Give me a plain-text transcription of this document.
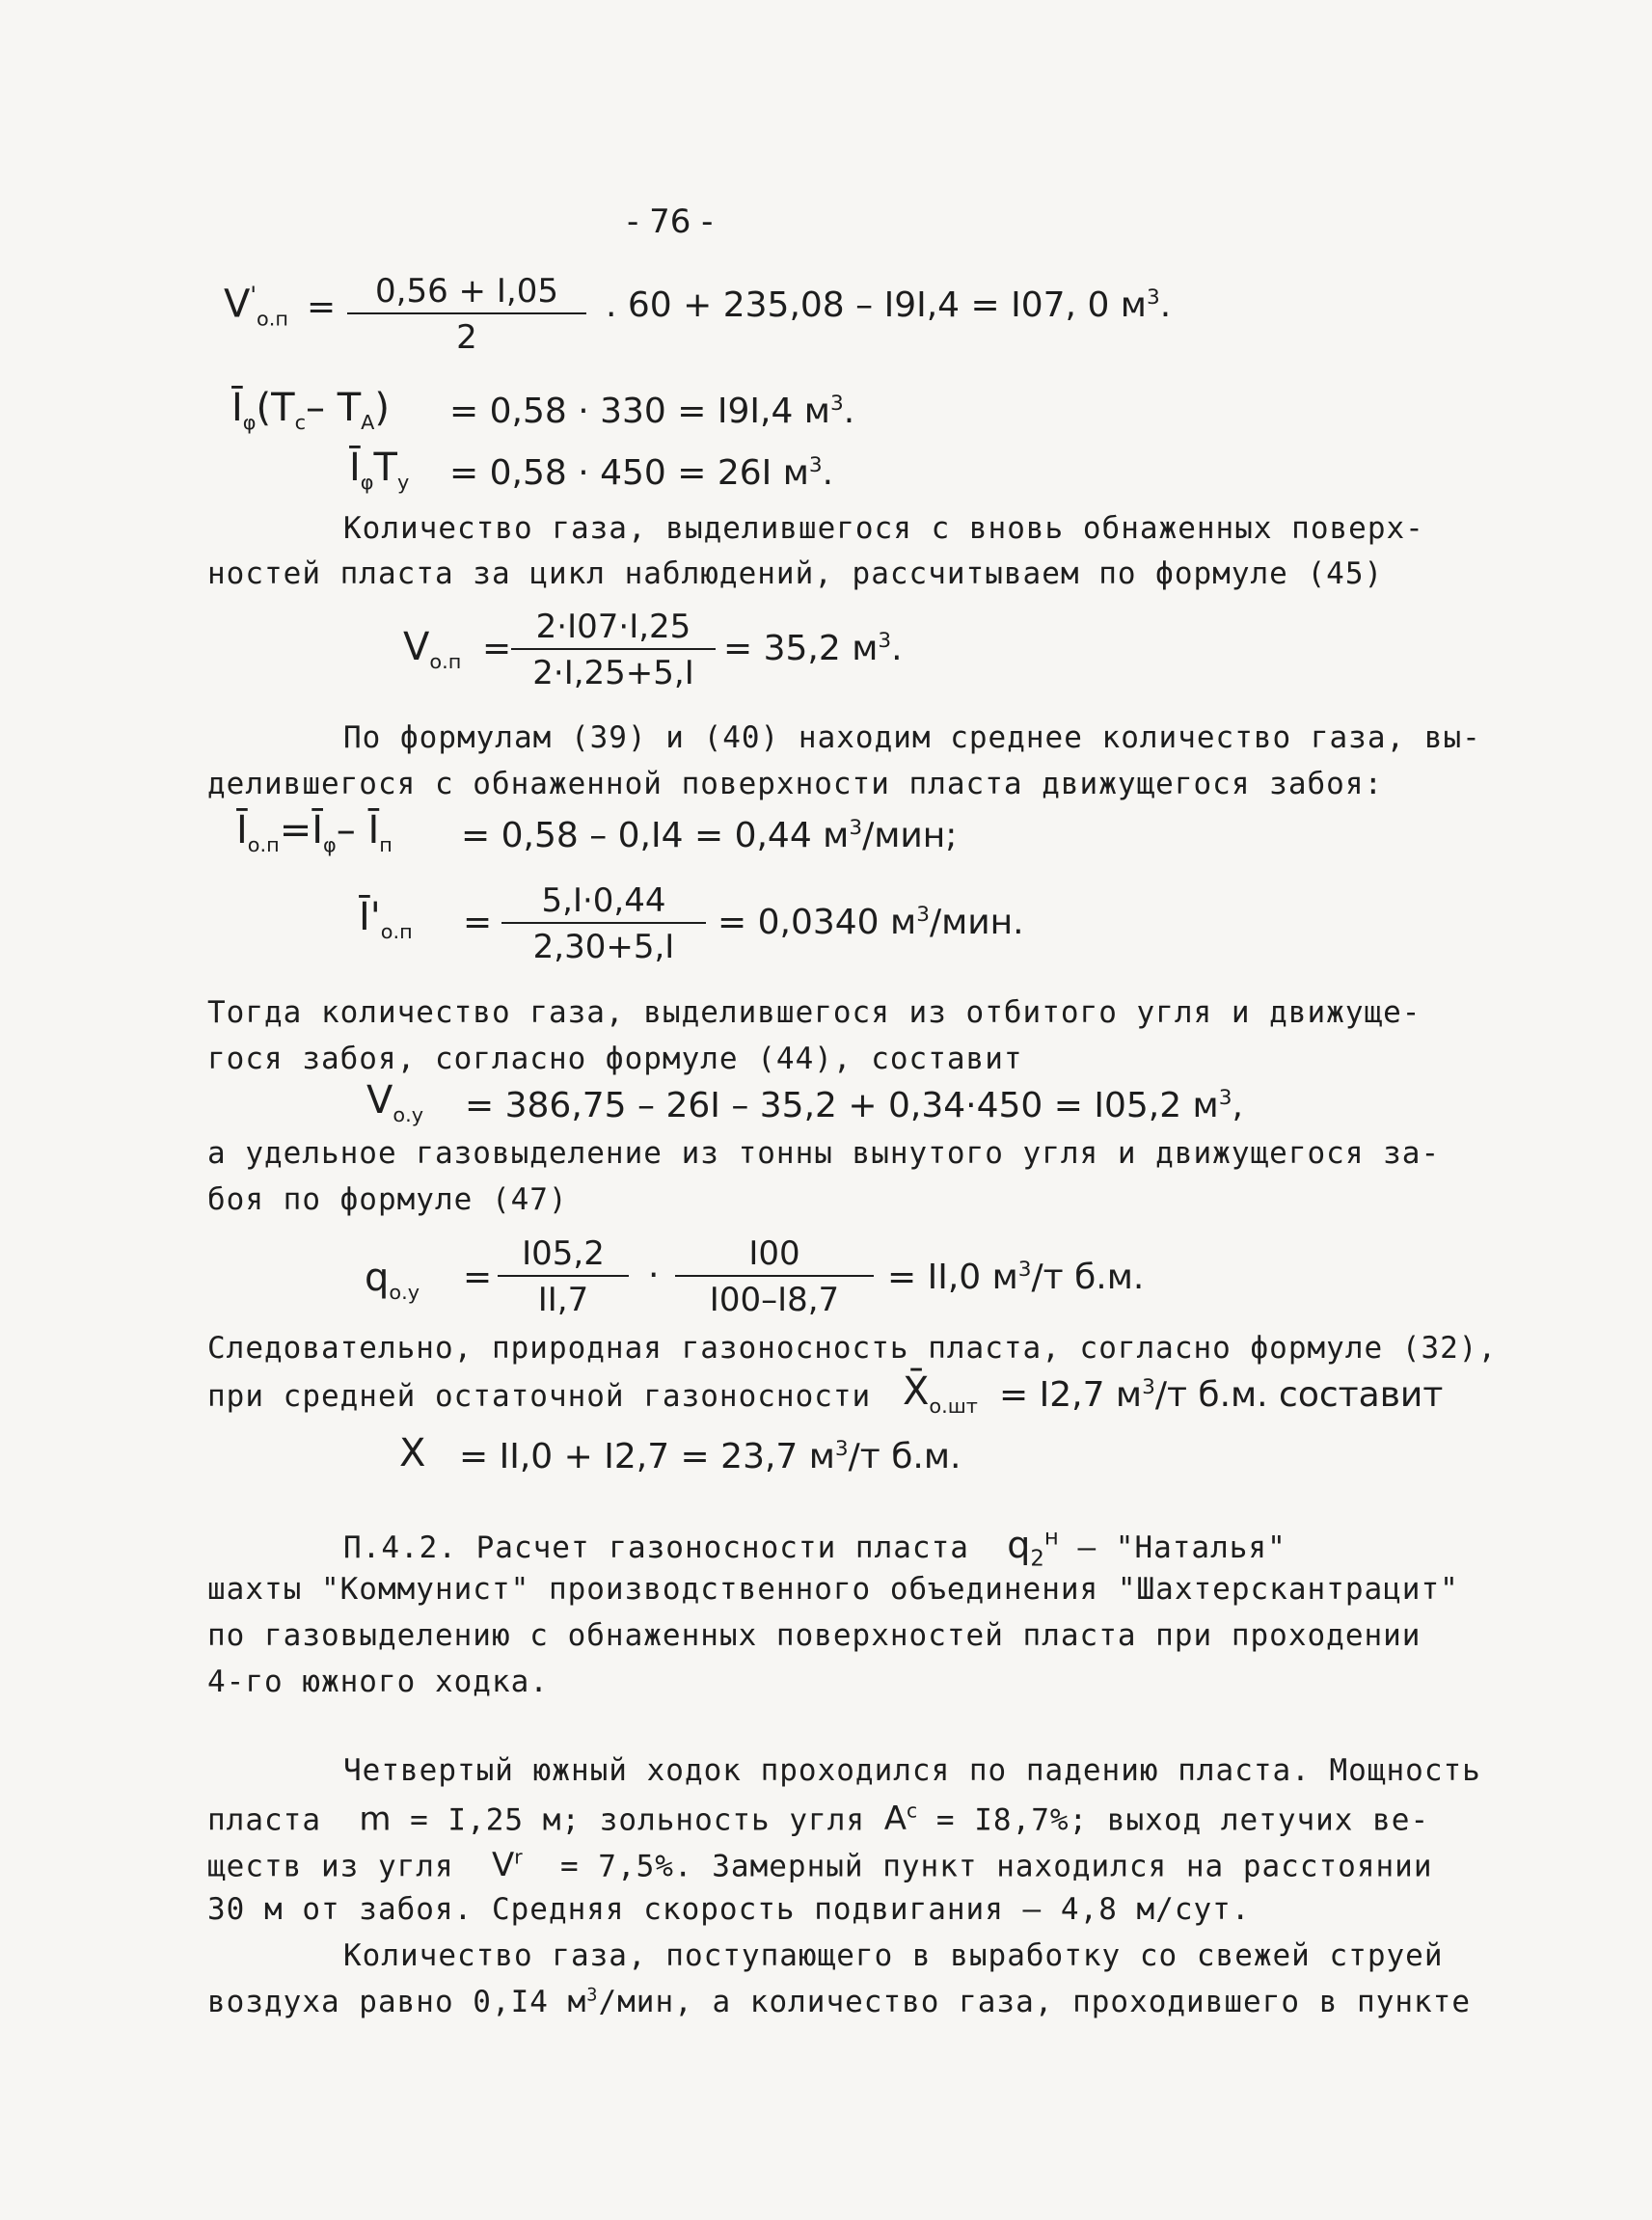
- 76 -
$V'_{о.п} = \frac{0,56 + I,05}{2}$ . 60 + 235,08 – I9I,4 = I07, 0 $м^3$.
$Ī_\varphi(T_c-$ $T_A) = 0,58 \cdot 330 = I9I,4$ $м^3$.
$Ī_\varphi T_у = 0,58 \cdot 450 = 26I$ $м^3$.
Количество газа, выделившегося с вновь обнаженных поверх-
ностей пласта за цикл наблюдений, рассчитываем по формуле (45)
$V_{о.п} = \frac{2\cdot I07\cdot I,25}{2\cdot I,25+5,I} = 35,2$ $м^3$.
По формулам (39) и (40) находим среднее количество газа, вы-
делившегося с обнаженной поверхности пласта движущегося забоя:
$Ī_{о.п}=Ī_\varphi-$ $Ī_п = 0,58 - 0,I4 = 0,44$ $м^3$/мин;
$Ī'_{о.п} = \frac{5,I\cdot 0,44}{2,30+5,I} = 0,0340$ $м^3$/мин.
Тогда количество газа, выделившегося из отбитого угля и движуще-
гося забоя, согласно формуле (44), составит
$V_{о.у} = 386,75 - 26I - 35,2 + 0,34\cdot 450 = I05,2$ $м^3$,
а удельное газовыделение из тонны вынутого угля и движущегося за-
боя по формуле (47)
$q_{о.у} = \frac{I05,2}{II,7} \cdot \frac{I00}{I00-I8,7} = II,0$ $м^3/т$ б.м.
Следовательно, природная газоносность пласта, согласно формуле (32),
при средней остаточной газоносности $X̄_{о.шт} = I2,7$ $м^3/т$ б.м. составит
X = II,0 + I2,7 = 23,7 $м^3/т$ б.м.
П.4.2. Расчет газоносности пласта $q_2^н$ – "Наталья"
шахты "Коммунист" производственного объединения "Шахтерскантрацит"
по газовыделению с обнаженных поверхностей пласта при проходении
4-го южного ходка.
Четвертый южный ходок проходился по падению пласта. Мощность
пласта m = I,25 м; зольность угля $A^c = I8,7\%$; выход летучих ве-
ществ из угля $V^r = 7,5\%$. Замерный пункт находился на расстоянии
30 м от забоя. Средняя скорость подвигания – 4,8 м/сут.
Количество газа, поступающего в выработку со свежей струей
воздуха равно 0,I4 $м^3$/мин, а количество газа, проходившего в пункте
